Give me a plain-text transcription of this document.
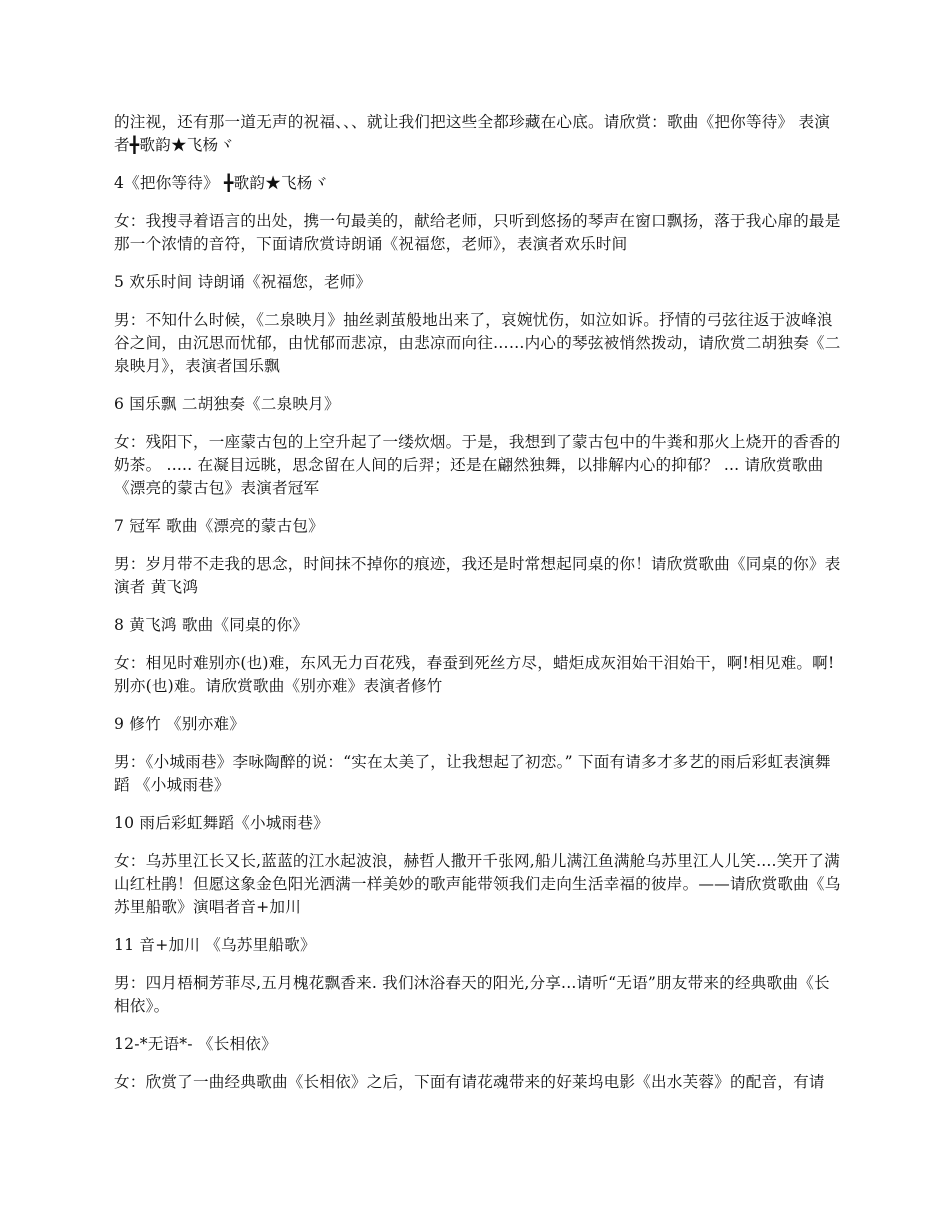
的注视，还有那一道无声的祝福、、、就让我们把这些全都珍藏在心底。请欣赏：歌曲《把你等待》 表演者╋歌韵★飞杨ヾ

4《把你等待》 ╋歌韵★飞杨ヾ

女：我搜寻着语言的出处，携一句最美的，献给老师，只听到悠扬的琴声在窗口飘扬，落于我心扉的最是那一个浓情的音符，下面请欣赏诗朗诵《祝福您，老师》，表演者欢乐时间

5 欢乐时间 诗朗诵《祝福您，老师》

男：不知什么时候，《二泉映月》抽丝剥茧般地出来了，哀婉忧伤，如泣如诉。抒情的弓弦往返于波峰浪谷之间，由沉思而忧郁，由忧郁而悲凉，由悲凉而向往……内心的琴弦被悄然拨动，请欣赏二胡独奏《二泉映月》，表演者国乐飘

6 国乐飘 二胡独奏《二泉映月》

女：残阳下，一座蒙古包的上空升起了一缕炊烟。于是，我想到了蒙古包中的牛粪和那火上烧开的香香的奶茶。 ..... 在凝目远眺，思念留在人间的后羿；还是在翩然独舞，以排解内心的抑郁？ ... 请欣赏歌曲《漂亮的蒙古包》表演者冠军

7 冠军 歌曲《漂亮的蒙古包》

男：岁月带不走我的思念，时间抹不掉你的痕迹，我还是时常想起同桌的你！请欣赏歌曲《同桌的你》表演者 黄飞鸿

8 黄飞鸿 歌曲《同桌的你》

女：相见时难别亦(也)难，东风无力百花残，春蚕到死丝方尽，蜡炬成灰泪始干泪始干，啊!相见难。啊!别亦(也)难。请欣赏歌曲《别亦难》表演者修竹

9 修竹 《别亦难》

男：《小城雨巷》李咏陶醉的说：“实在太美了，让我想起了初恋。” 下面有请多才多艺的雨后彩虹表演舞蹈 《小城雨巷》

10 雨后彩虹舞蹈《小城雨巷》

女：乌苏里江长又长,蓝蓝的江水起波浪，赫哲人撒开千张网,船儿满江鱼满舱乌苏里江人儿笑....笑开了满山红杜鹃！但愿这象金色阳光洒满一样美妙的歌声能带领我们走向生活幸福的彼岸。——请欣赏歌曲《乌苏里船歌》演唱者音+加川

11 音+加川 《乌苏里船歌》

男：四月梧桐芳菲尽,五月槐花飘香来. 我们沐浴春天的阳光,分享...请听“无语”朋友带来的经典歌曲《长相依》。

12-*无语*- 《长相依》

女：欣赏了一曲经典歌曲《长相依》之后，下面有请花魂带来的好莱坞电影《出水芙蓉》的配音，有请
